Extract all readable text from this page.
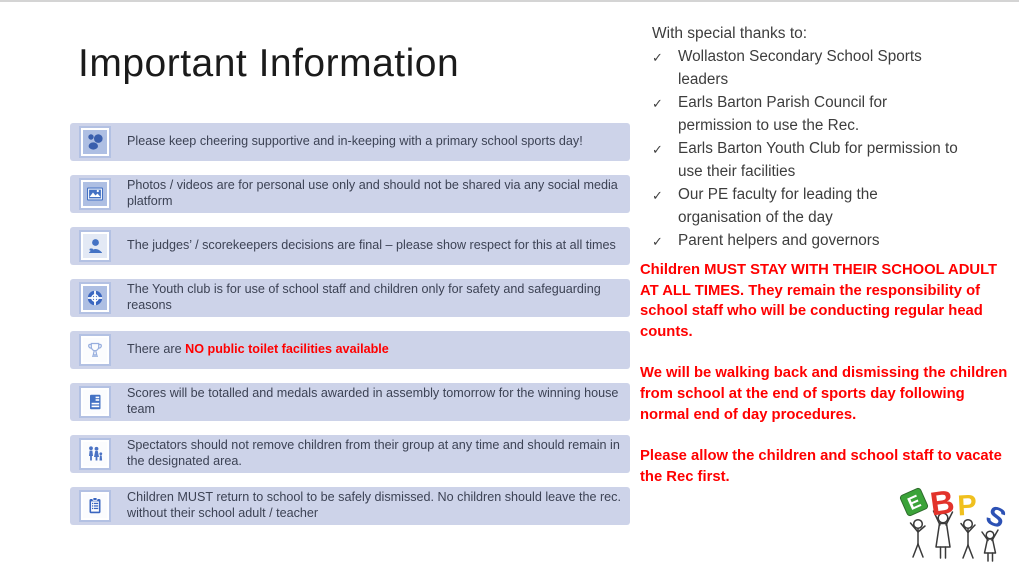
Important Information
Please keep cheering supportive and in-keeping with a primary school sports day!
Photos / videos are for personal use only and should not be shared via any social media platform
The judges’ / scorekeepers decisions are final – please show respect for this at all times
The Youth club is for use of school staff and children only for safety and safeguarding reasons
There are NO public toilet facilities available
Scores will be totalled and medals awarded in assembly tomorrow for the winning house team
Spectators should not remove children from their group at any time and should remain in the designated area.
Children MUST return to school to be safely dismissed. No children should leave the rec. without their school adult / teacher
With special thanks to:
✓ Wollaston Secondary School Sports leaders
✓ Earls Barton Parish Council for permission to use the Rec.
✓ Earls Barton Youth Club for permission to use their facilities
✓ Our PE faculty for leading the organisation of the day
✓ Parent helpers and governors

Children MUST STAY WITH THEIR SCHOOL ADULT AT ALL TIMES. They remain the responsibility of school staff who will be conducting regular head counts.

We will be walking back and dismissing the children from school at the end of sports day following normal end of day procedures.

Please allow the children and school staff to vacate the Rec first.

E B P S
